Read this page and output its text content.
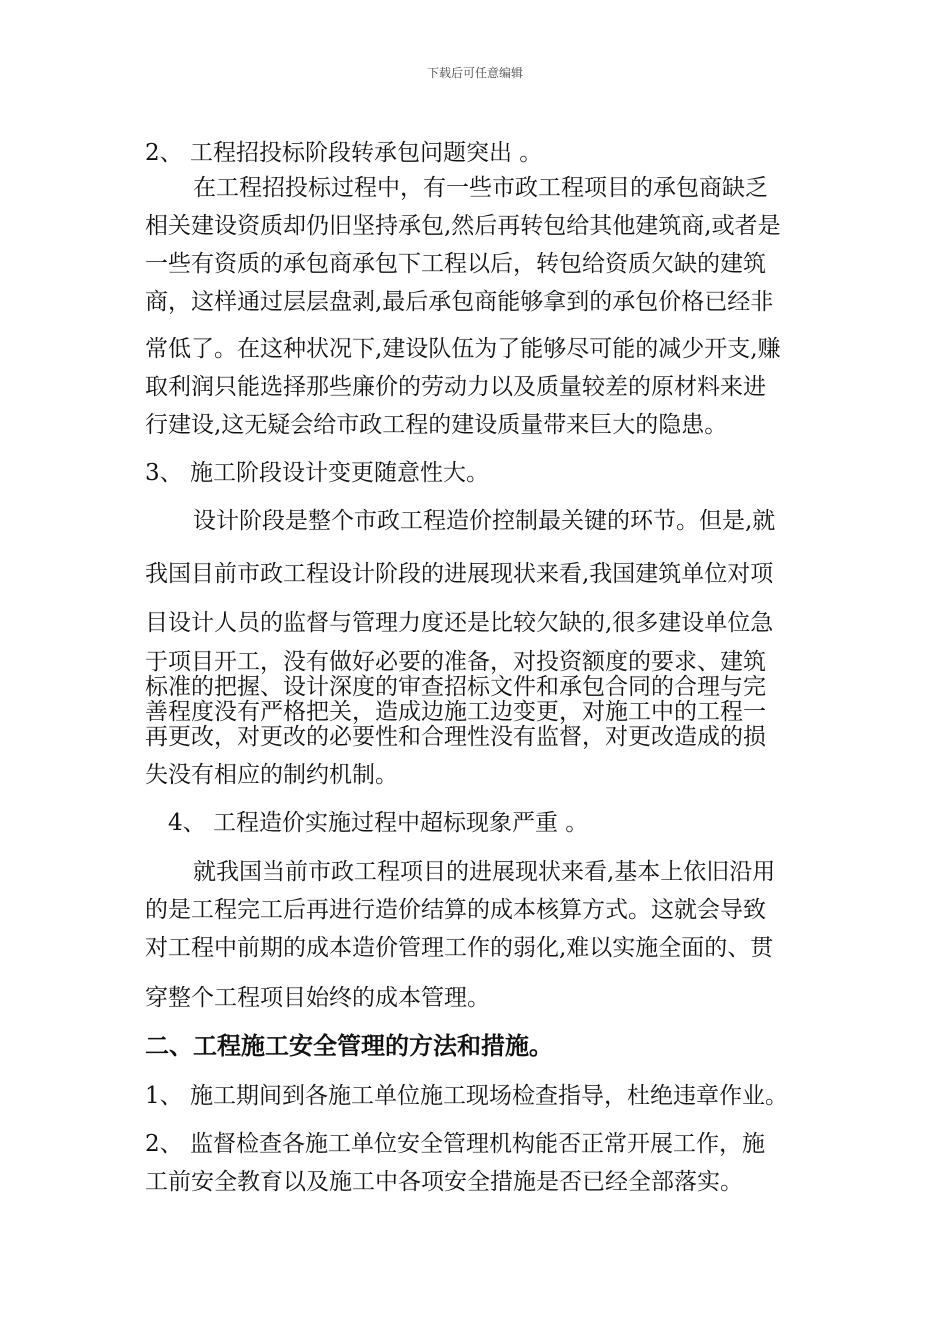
下载后可任意编辑
2、 工程招投标阶段转承包问题突出 。
在工程招投标过程中，有一些市政工程项目的承包商缺乏
相关建设资质却仍旧坚持承包,然后再转包给其他建筑商,或者是
一些有资质的承包商承包下工程以后，转包给资质欠缺的建筑
商，这样通过层层盘剥,最后承包商能够拿到的承包价格已经非
常低了。在这种状况下,建设队伍为了能够尽可能的减少开支,赚
取利润只能选择那些廉价的劳动力以及质量较差的原材料来进
行建设,这无疑会给市政工程的建设质量带来巨大的隐患。
3、 施工阶段设计变更随意性大。
设计阶段是整个市政工程造价控制最关键的环节。但是,就
我国目前市政工程设计阶段的进展现状来看,我国建筑单位对项
目设计人员的监督与管理力度还是比较欠缺的,很多建设单位急
于项目开工，没有做好必要的准备，对投资额度的要求、建筑
标准的把握、设计深度的审查招标文件和承包合同的合理与完
善程度没有严格把关，造成边施工边变更，对施工中的工程一
再更改，对更改的必要性和合理性没有监督，对更改造成的损
失没有相应的制约机制。
4、 工程造价实施过程中超标现象严重 。
就我国当前市政工程项目的进展现状来看,基本上依旧沿用
的是工程完工后再进行造价结算的成本核算方式。这就会导致
对工程中前期的成本造价管理工作的弱化,难以实施全面的、贯
穿整个工程项目始终的成本管理。
二、工程施工安全管理的方法和措施。
1、 施工期间到各施工单位施工现场检查指导，杜绝违章作业。
2、 监督检查各施工单位安全管理机构能否正常开展工作，施
工前安全教育以及施工中各项安全措施是否已经全部落实。
